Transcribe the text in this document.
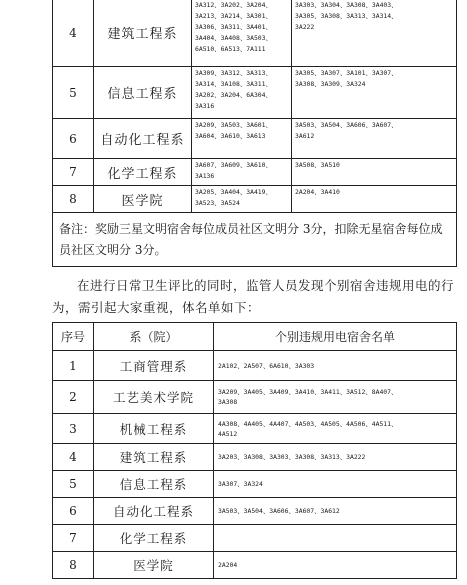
4	建筑工程系	3A312、3A202、3A204、
3A213、3A214、3A301、
3A306、3A311、3A401、
3A404、3A408、3A503、
6A510、6A513、7A111	3A303、3A304、3A308、3A403、
3A305、3A308、3A313、3A314、
3A222
5	信息工程系	3A309、3A312、3A313、
3A314、3A108、3A311、
3A202、3A204、6A304、
3A316	3A305、3A307、3A101、3A307、
3A308、3A309、3A324
6	自动化工程系	3A209、3A503、3A601、
3A604、3A610、3A613	3A503、3A504、3A606、3A607、
3A612
7	化学工程系	3A607、3A609、3A610、
3A136	3A508、3A510
8	医学院	3A205、3A404、3A419、
3A523、3A524	2A204、3A410
备注：奖励三星文明宿舍每位成员社区文明分 3分，扣除无星宿舍每位成员社区文明分 3分。			
在进行日常卫生评比的同时，监管人员发现个别宿舍违规用电的行为，需引起大家重视，体名单如下：
序号	系（院）	个别违规用电宿舍名单
1	工商管理系	2A102、2A507、6A610、3A303
2	工艺美术学院	3A209、3A405、3A409、3A410、3A411、3A512、8A407、
3A308
3	机械工程系	4A308、4A405、4A407、4A503、4A505、4A506、4A511、
4A512
4	建筑工程系	3A203、3A308、3A303、3A308、3A313、3A222
5	信息工程系	3A307、3A324
6	自动化工程系	3A503、3A504、3A606、3A607、3A612
7	化学工程系	
8	医学院	2A204
